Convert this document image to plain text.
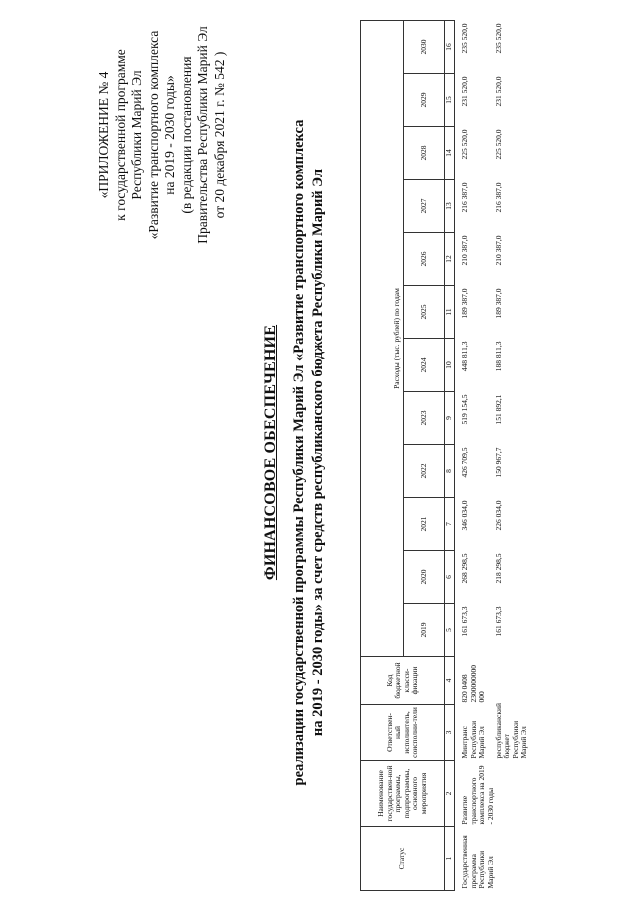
«ПРИЛОЖЕНИЕ № 4 к государственной программе Республики Марий Эл «Развитие транспортного комплекса на 2019 - 2030 годы» (в редакции постановления Правительства Республики Марий Эл от 20 декабря 2021 г. № 542 )
ФИНАНСОВОЕ ОБЕСПЕЧЕНИЕ реализации государственной программы Республики Марий Эл «Развитие транспортного комплекса на 2019 - 2030 годы» за счет средств республиканского бюджета Республики Марий Эл
Статус	Наименование государствен-ной программы, подпрограммы, основного мероприятия	Ответствен-ный исполнитель, соисполни-тели	Код бюджетной класси-фикации	Расходы (тыс. рублей) по годам											
				2019	2020	2021	2022	2023	2024	2025	2026	2027	2028	2029	2030
1	2	3	4	5	6	7	8	9	10	11	12	13	14	15	16
Государственная программа Республики Марий Эл	Развитие транспортного комплекса на 2019 - 2030 годы	Минтранс Республики Марий Эл	820 0408 2300000000 000	161 673,3	268 298,5	346 034,0	426 709,5	519 154,5	448 811,3	189 387,0	210 387,0	216 387,0	225 520,0	231 520,0	235 520,0
		республиканский бюджет Республики Марий Эл		161 673,3	218 298,5	226 034,0	150 967,7	151 892,1	188 811,3	189 387,0	210 387,0	216 387,0	225 520,0	231 520,0	235 520,0
